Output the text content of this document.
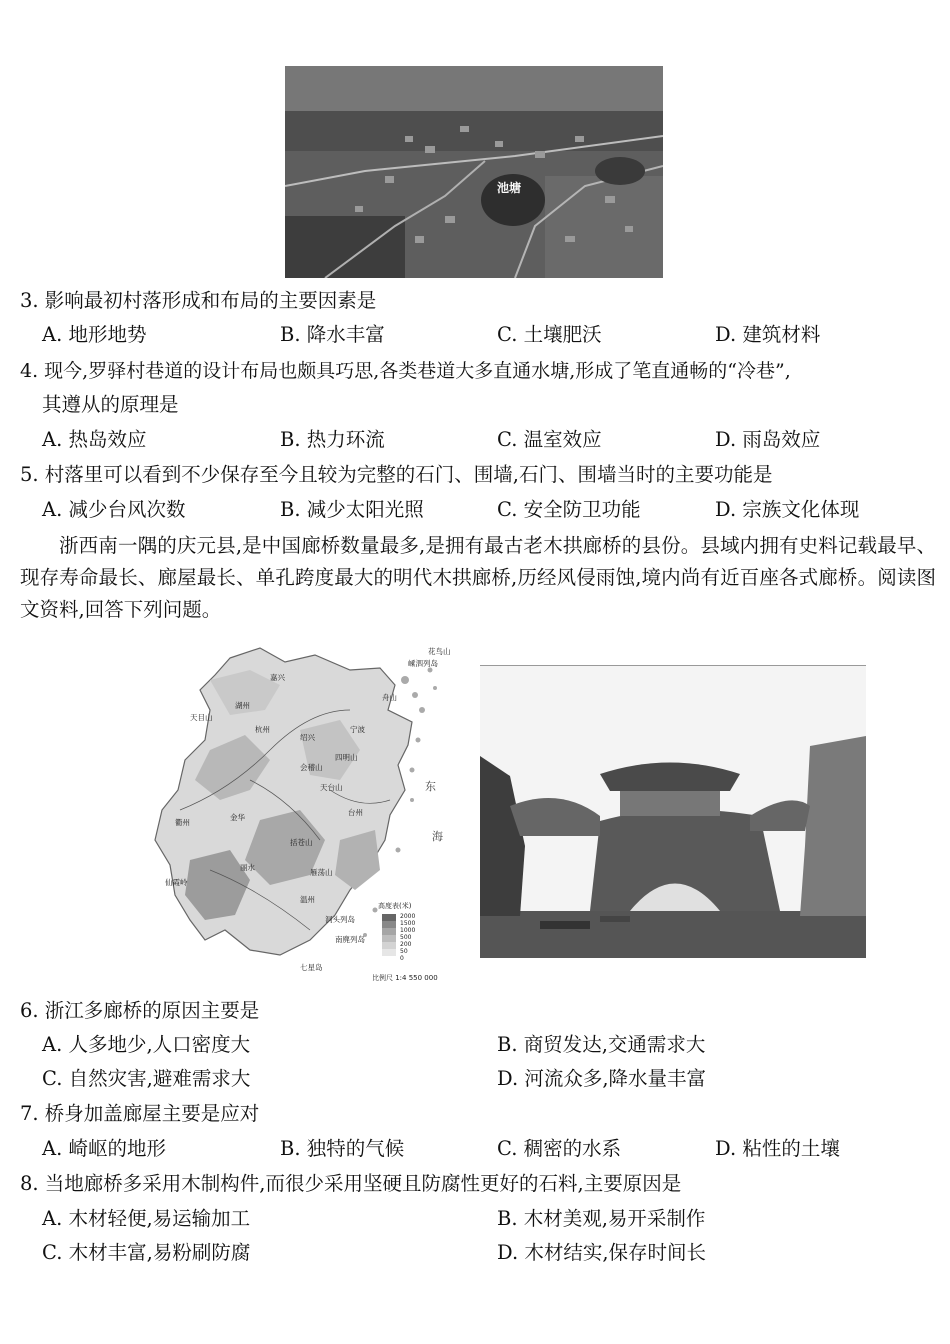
池塘
3. 影响最初村落形成和布局的主要因素是
A. 地形地势	B. 降水丰富	C. 土壤肥沃	D. 建筑材料
4. 现今,罗驿村巷道的设计布局也颇具巧思,各类巷道大多直通水塘,形成了笔直通畅的“冷巷”,
其遵从的原理是
A. 热岛效应	B. 热力环流	C. 温室效应	D. 雨岛效应
5. 村落里可以看到不少保存至今且较为完整的石门、围墙,石门、围墙当时的主要功能是
A. 减少台风次数	B. 减少太阳光照	C. 安全防卫功能	D. 宗族文化体现
浙西南一隅的庆元县,是中国廊桥数量最多,是拥有最古老木拱廊桥的县份。县域内拥有史料记载最早、现存寿命最长、廊屋最长、单孔跨度最大的明代木拱廊桥,历经风侵雨蚀,境内尚有近百座各式廊桥。阅读图文资料,回答下列问题。
湖州
嘉兴
杭州
绍兴
宁波
舟山
衢州
金华
台州
丽水
温州
天目山
会稽山
四明山
天台山
括苍山
雁荡山
仙霞岭
洞头列岛
南麂列岛
七星岛
嵊泗列岛
花鸟山
东
海
高度表(米)
2000
1500
1000
500
200
50
0
比例尺 1:4 550 000
6. 浙江多廊桥的原因主要是
A. 人多地少,人口密度大	B. 商贸发达,交通需求大
C. 自然灾害,避难需求大	D. 河流众多,降水量丰富
7. 桥身加盖廊屋主要是应对
A. 崎岖的地形	B. 独特的气候	C. 稠密的水系	D. 粘性的土壤
8. 当地廊桥多采用木制构件,而很少采用坚硬且防腐性更好的石料,主要原因是
A. 木材轻便,易运输加工	B. 木材美观,易开采制作
C. 木材丰富,易粉刷防腐	D. 木材结实,保存时间长
